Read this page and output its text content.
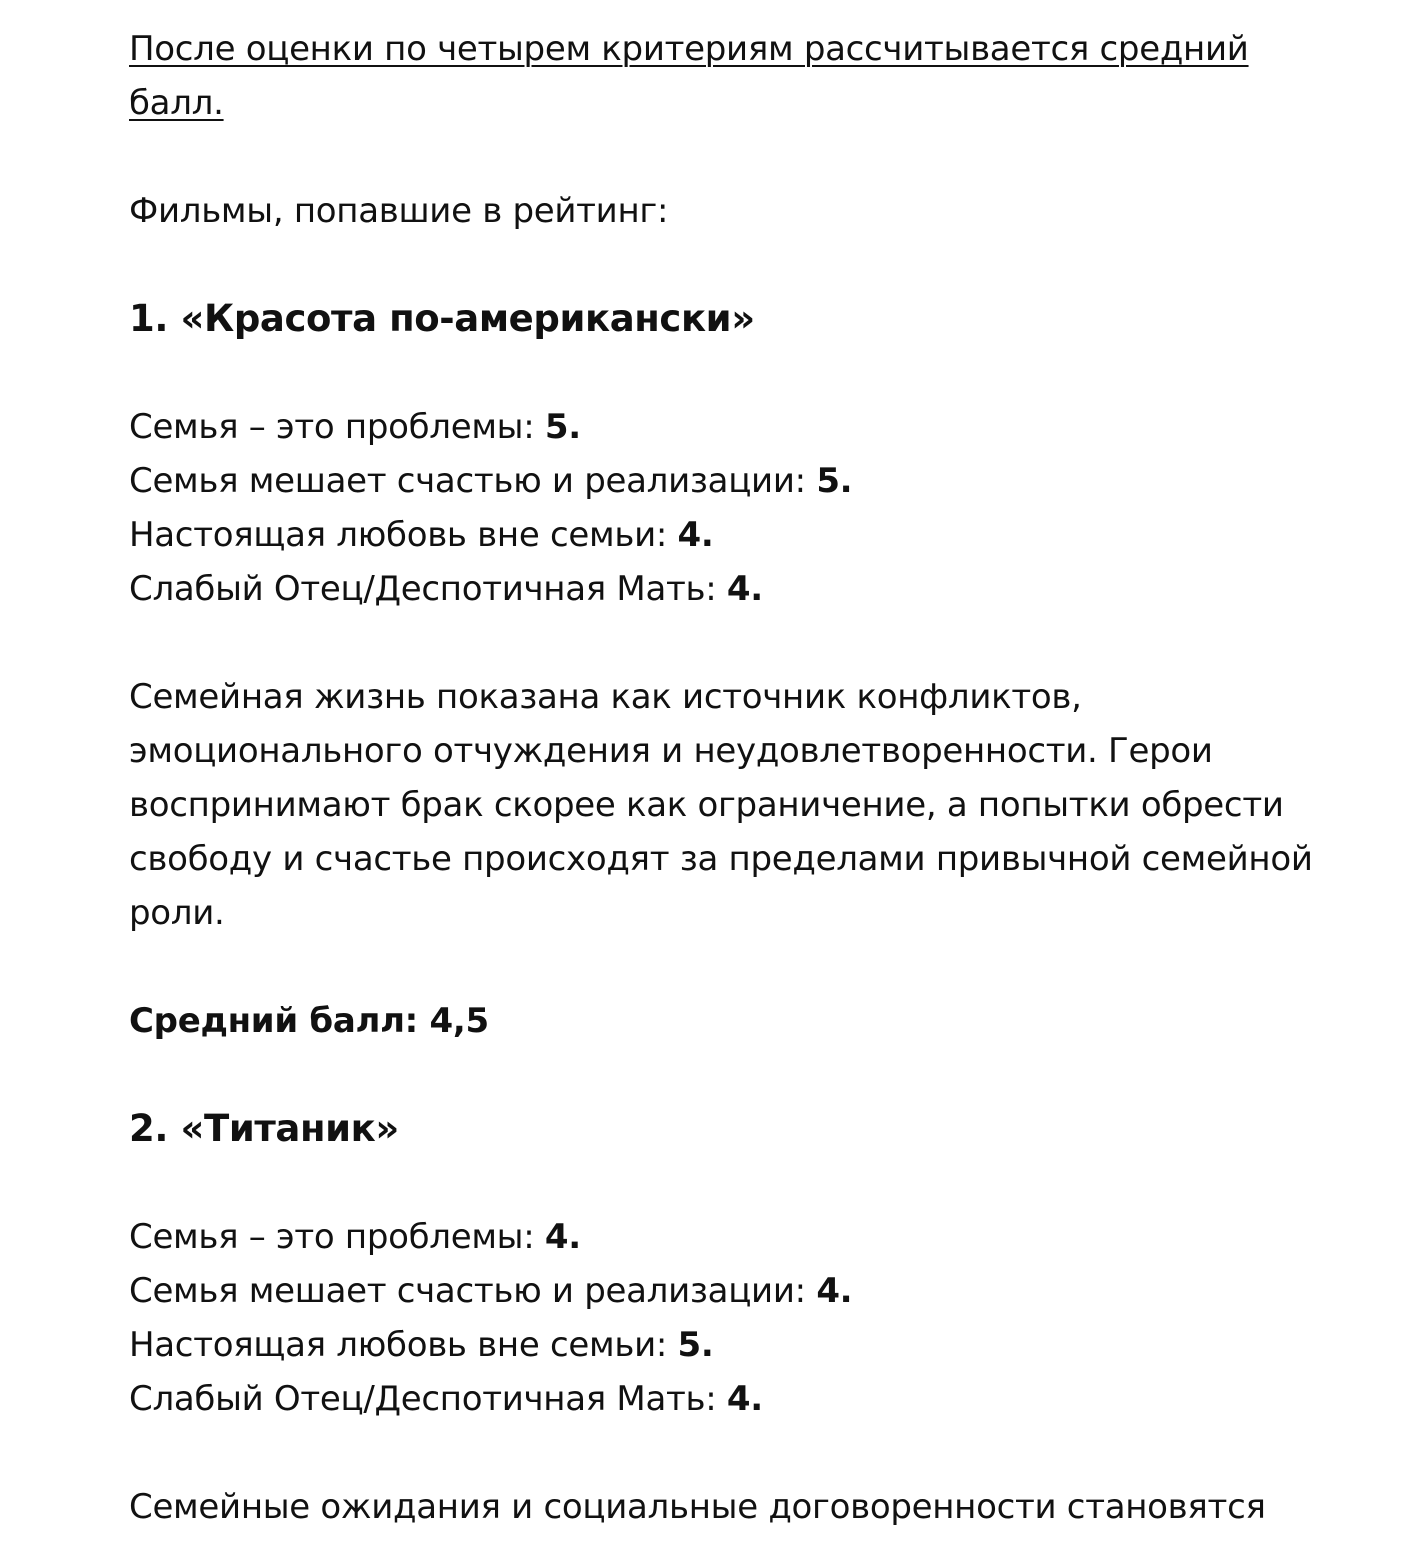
После оценки по четырем критериям рассчитывается средний балл.

Фильмы, попавшие в рейтинг:

1. «Красота по-американски»
Семья – это проблемы: 5.
Семья мешает счастью и реализации: 5.
Настоящая любовь вне семьи: 4.
Слабый Отец/Деспотичная Мать: 4.

Семейная жизнь показана как источник конфликтов, эмоционального отчуждения и неудовлетворенности. Герои воспринимают брак скорее как ограничение, а попытки обрести свободу и счастье происходят за пределами привычной семейной роли.

Средний балл: 4,5

2. «Титаник»
Семья – это проблемы: 4.
Семья мешает счастью и реализации: 4.
Настоящая любовь вне семьи: 5.
Слабый Отец/Деспотичная Мать: 4.

Семейные ожидания и социальные договоренности становятся
